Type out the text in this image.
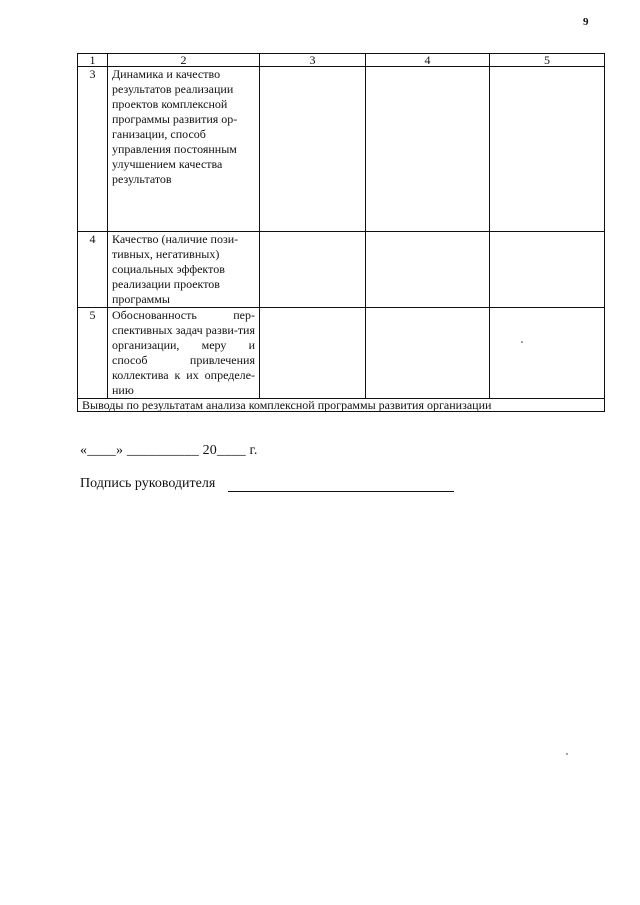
9
1	2	3	4	5
3	Динамика и качество результатов реализации проектов комплексной программы развития ор-ганизации, способ управления постоянным улучшением качества результатов			
4	Качество (наличие пози-тивных, негативных) социальных эффектов реализации проектов программы			
5	Обоснованность пер-спективных задач разви-тия организации, меру и способ привлечения коллектива к их определе-нию			
Выводы по результатам анализа комплексной программы развития организации				
«____» __________ 20____ г.
Подпись руководителя
